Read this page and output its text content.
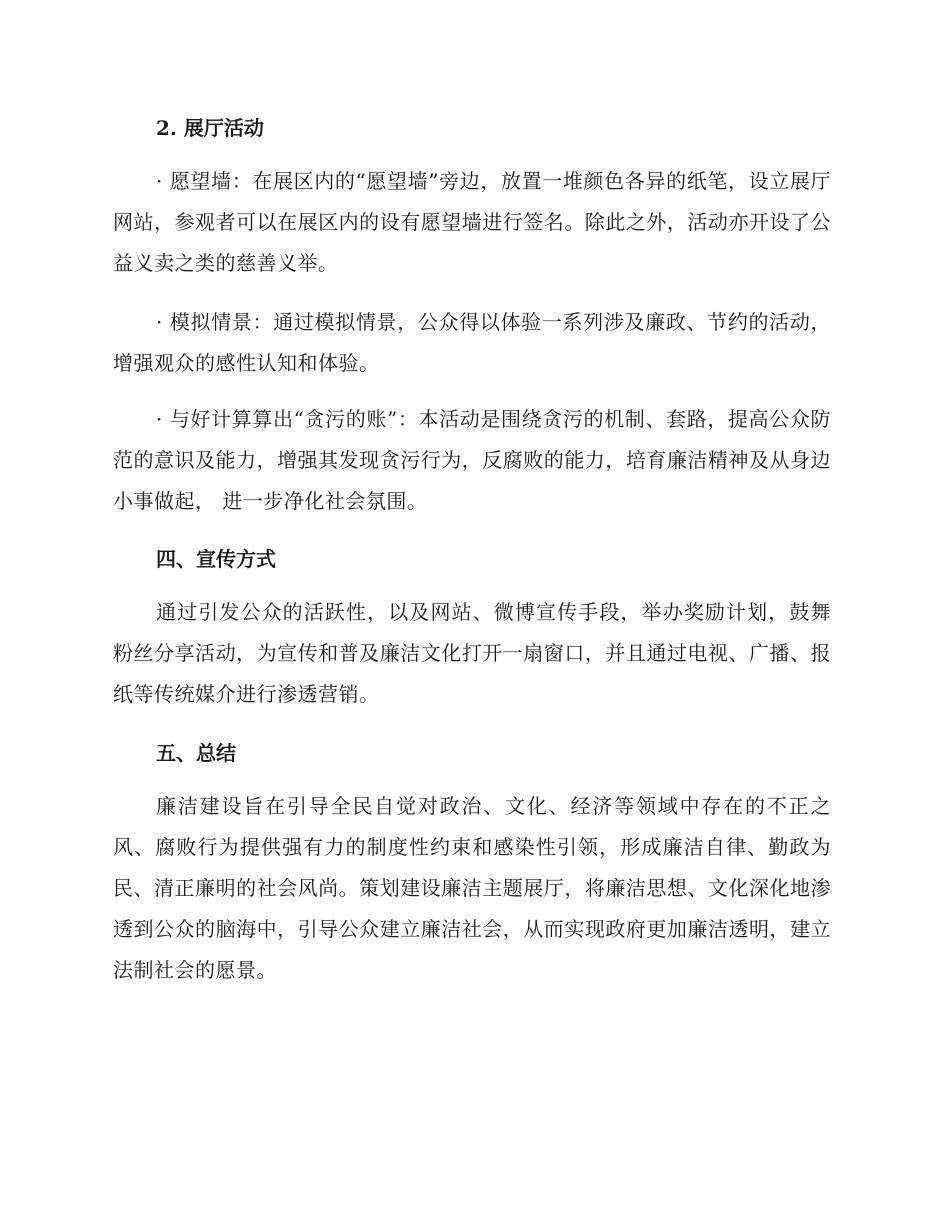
2. 展厅活动

· 愿望墙：在展区内的“愿望墙”旁边，放置一堆颜色各异的纸笔，设立展厅网站，参观者可以在展区内的设有愿望墙进行签名。除此之外，活动亦开设了公益义卖之类的慈善义举。

· 模拟情景：通过模拟情景，公众得以体验一系列涉及廉政、节约的活动，增强观众的感性认知和体验。

· 与好计算算出“贪污的账”：本活动是围绕贪污的机制、套路，提高公众防范的意识及能力，增强其发现贪污行为，反腐败的能力，培育廉洁精神及从身边小事做起， 进一步净化社会氛围。

四、宣传方式

通过引发公众的活跃性，以及网站、微博宣传手段，举办奖励计划，鼓舞粉丝分享活动，为宣传和普及廉洁文化打开一扇窗口，并且通过电视、广播、报纸等传统媒介进行渗透营销。

五、总结

廉洁建设旨在引导全民自觉对政治、文化、经济等领域中存在的不正之风、腐败行为提供强有力的制度性约束和感染性引领，形成廉洁自律、勤政为民、清正廉明的社会风尚。策划建设廉洁主题展厅，将廉洁思想、文化深化地渗透到公众的脑海中，引导公众建立廉洁社会，从而实现政府更加廉洁透明，建立法制社会的愿景。
